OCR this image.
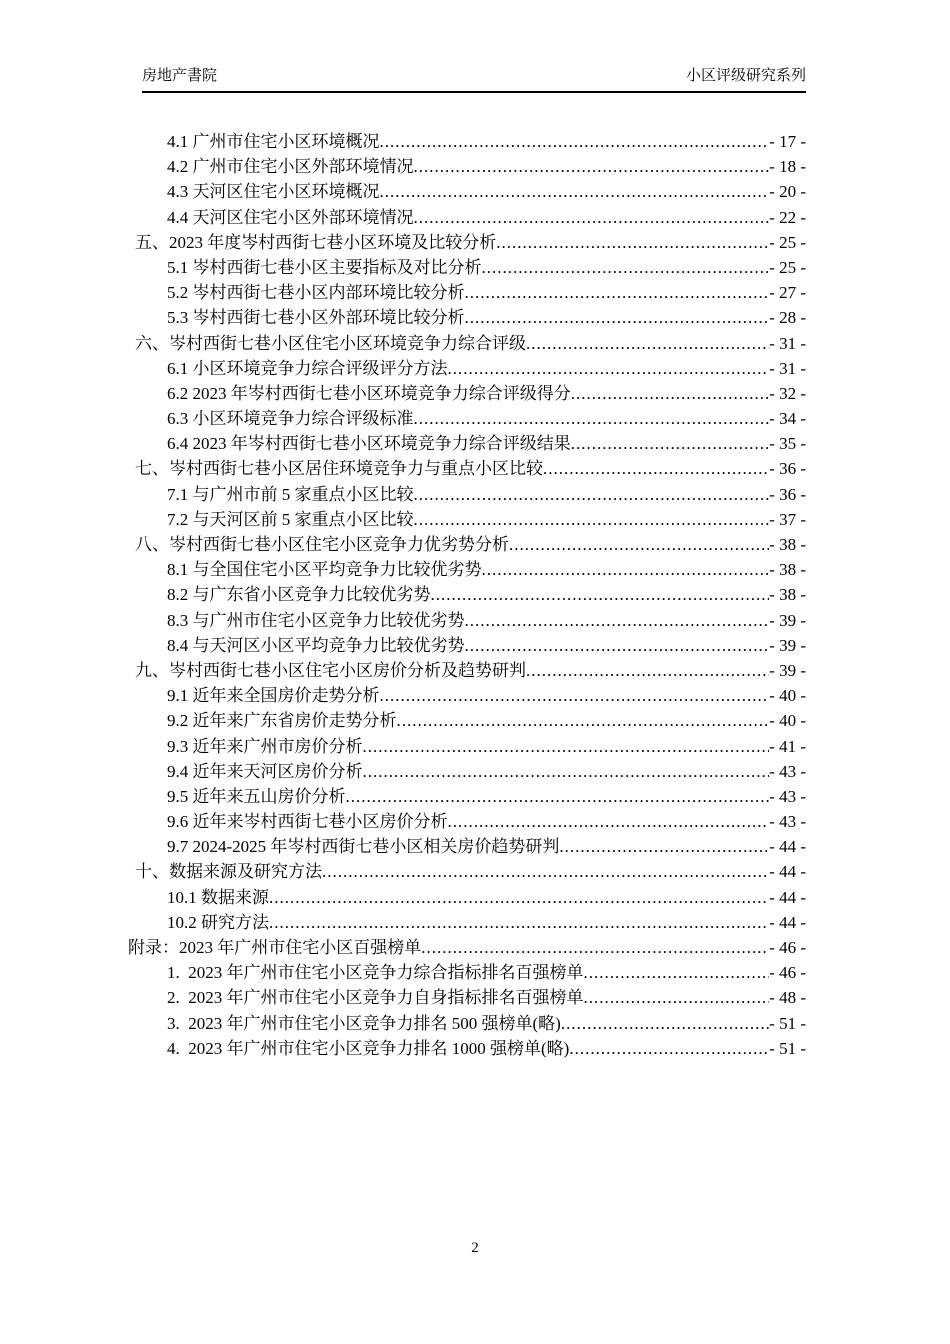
房地产書院	小区评级研究系列
4.1 广州市住宅小区环境概况 .....	- 17 -
4.2 广州市住宅小区外部环境情况 .....	- 18 -
4.3 天河区住宅小区环境概况 .....	- 20 -
4.4 天河区住宅小区外部环境情况 .....	- 22 -
五、2023 年度岑村西街七巷小区环境及比较分析 .....	- 25 -
5.1 岑村西街七巷小区主要指标及对比分析 .....	- 25 -
5.2 岑村西街七巷小区内部环境比较分析 .....	- 27 -
5.3 岑村西街七巷小区外部环境比较分析 .....	- 28 -
六、岑村西街七巷小区住宅小区环境竞争力综合评级 .....	- 31 -
6.1 小区环境竞争力综合评级评分方法 .....	- 31 -
6.2 2023 年岑村西街七巷小区环境竞争力综合评级得分 .....	- 32 -
6.3 小区环境竞争力综合评级标准 .....	- 34 -
6.4 2023 年岑村西街七巷小区环境竞争力综合评级结果 .....	- 35 -
七、岑村西街七巷小区居住环境竞争力与重点小区比较 .....	- 36 -
7.1 与广州市前 5 家重点小区比较 .....	- 36 -
7.2 与天河区前 5 家重点小区比较 .....	- 37 -
八、岑村西街七巷小区住宅小区竞争力优劣势分析 .....	- 38 -
8.1 与全国住宅小区平均竞争力比较优劣势 .....	- 38 -
8.2 与广东省小区竞争力比较优劣势 .....	- 38 -
8.3 与广州市住宅小区竞争力比较优劣势 .....	- 39 -
8.4 与天河区小区平均竞争力比较优劣势 .....	- 39 -
九、岑村西街七巷小区住宅小区房价分析及趋势研判 .....	- 39 -
9.1 近年来全国房价走势分析 .....	- 40 -
9.2 近年来广东省房价走势分析 .....	- 40 -
9.3 近年来广州市房价分析 .....	- 41 -
9.4 近年来天河区房价分析 .....	- 43 -
9.5 近年来五山房价分析 .....	- 43 -
9.6 近年来岑村西街七巷小区房价分析 .....	- 43 -
9.7 2024-2025 年岑村西街七巷小区相关房价趋势研判 .....	- 44 -
十、数据来源及研究方法 .....	- 44 -
10.1 数据来源 .....	- 44 -
10.2 研究方法 .....	- 44 -
附录：2023 年广州市住宅小区百强榜单 .....	- 46 -
1.  2023 年广州市住宅小区竞争力综合指标排名百强榜单 .....	- 46 -
2.  2023 年广州市住宅小区竞争力自身指标排名百强榜单 .....	- 48 -
3.  2023 年广州市住宅小区竞争力排名 500 强榜单(略) .....	- 51 -
4.  2023 年广州市住宅小区竞争力排名 1000 强榜单(略) .....	- 51 -
2
